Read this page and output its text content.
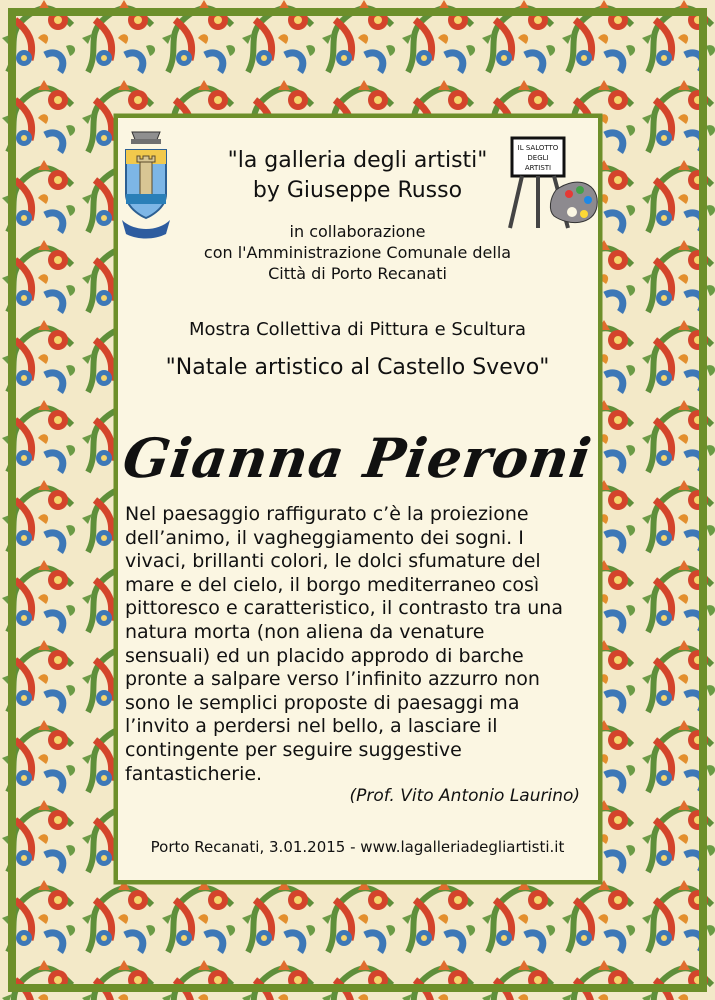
IL SALOTTO
DEGLI
ARTISTI
"la galleria degli artisti"
by Giuseppe Russo
in collaborazione
con l'Amministrazione Comunale della
Città di Porto Recanati
Mostra Collettiva di Pittura e Scultura
"Natale artistico al Castello Svevo"
Gianna Pieroni
Nel paesaggio raffigurato c’è la proiezione
dell’animo, il vagheggiamento dei sogni. I
vivaci, brillanti colori, le dolci sfumature del
mare e del cielo, il borgo mediterraneo così
pittoresco e caratteristico, il contrasto tra una
natura morta (non aliena da venature
sensuali) ed un placido approdo di barche
pronte a salpare verso l’infinito azzurro non
sono le semplici proposte di paesaggi ma
l’invito a perdersi nel bello, a lasciare il
contingente per seguire suggestive
fantasticherie.
(Prof. Vito Antonio Laurino)
Porto Recanati, 3.01.2015 - www.lagalleriadegliartisti.it
